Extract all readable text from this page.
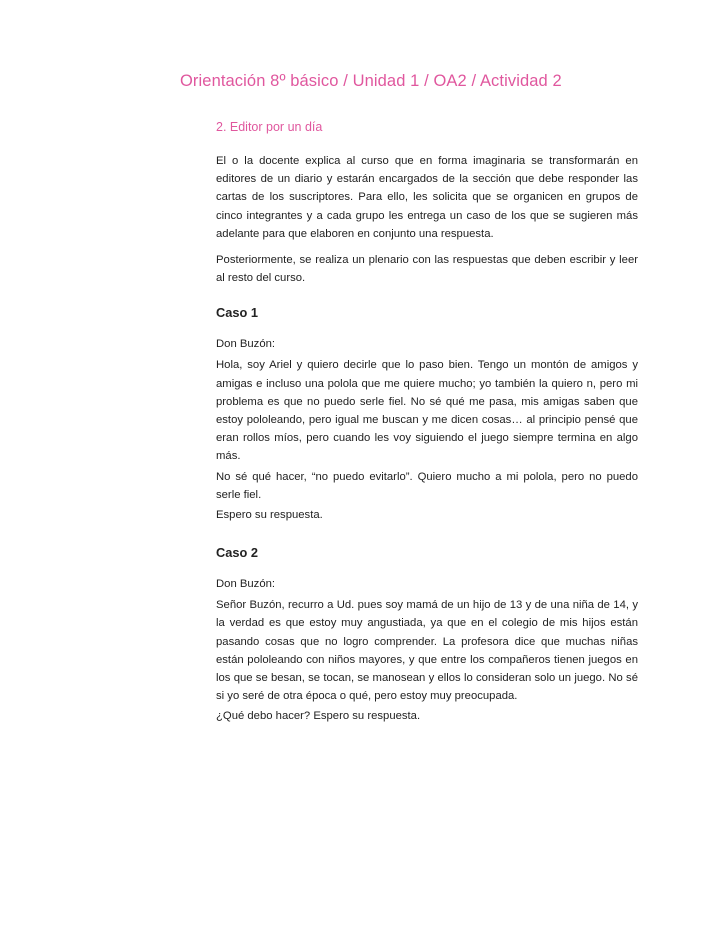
Orientación 8º básico / Unidad 1 / OA2 / Actividad 2
2. Editor por un día

El o la docente explica al curso que en forma imaginaria se transformarán en editores de un diario y estarán encargados de la sección que debe responder las cartas de los suscriptores. Para ello, les solicita que se organicen en grupos de cinco integrantes y a cada grupo les entrega un caso de los que se sugieren más adelante para que elaboren en conjunto una respuesta.

Posteriormente, se realiza un plenario con las respuestas que deben escribir y leer al resto del curso.

Caso 1
Don Buzón:

Hola, soy Ariel y quiero decirle que lo paso bien. Tengo un montón de amigos y amigas e incluso una polola que me quiere mucho; yo también la quiero n, pero mi problema es que no puedo serle fiel. No sé qué me pasa, mis amigas saben que estoy pololeando, pero igual me buscan y me dicen cosas… al principio pensé que eran rollos míos, pero cuando les voy siguiendo el juego siempre termina en algo más.

No sé qué hacer, “no puedo evitarlo”. Quiero mucho a mi polola, pero no puedo serle fiel.

Espero su respuesta.

Caso 2
Don Buzón:

Señor Buzón, recurro a Ud. pues soy mamá de un hijo de 13 y de una niña de 14, y la verdad es que estoy muy angustiada, ya que en el colegio de mis hijos están pasando cosas que no logro comprender. La profesora dice que muchas niñas están pololeando con niños mayores, y que entre los compañeros tienen juegos en los que se besan, se tocan, se manosean y ellos lo consideran solo un juego. No sé si yo seré de otra época o qué, pero estoy muy preocupada.

¿Qué debo hacer? Espero su respuesta.
